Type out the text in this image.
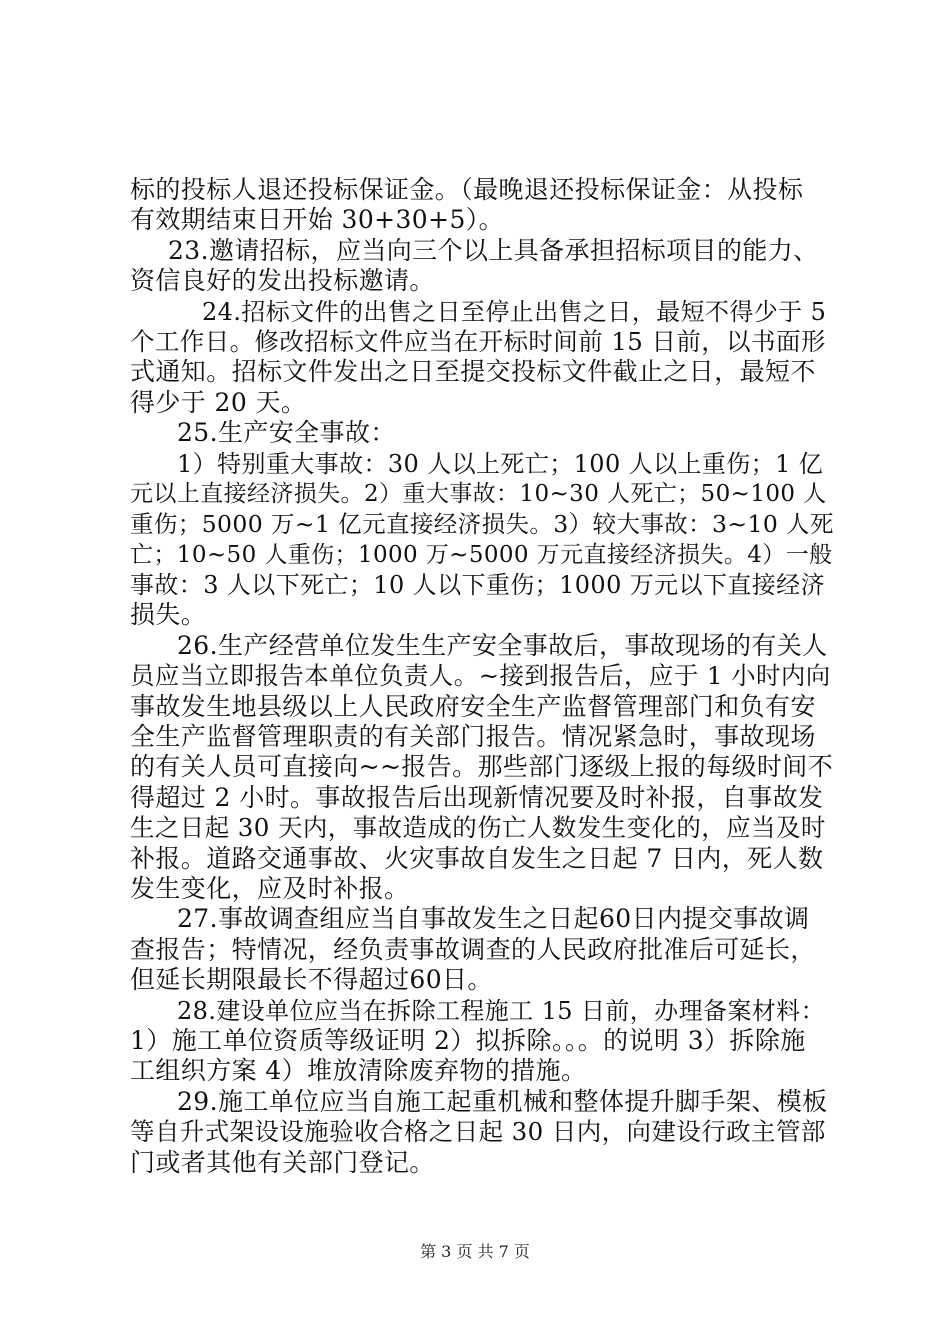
标的投标人退还投标保证金。（最晚退还投标保证金：从投标
有效期结束日开始 30+30+5）。
23.邀请招标，应当向三个以上具备承担招标项目的能力、
资信良好的发出投标邀请。
24.招标文件的出售之日至停止出售之日，最短不得少于 5
个工作日。修改招标文件应当在开标时间前 15 日前，以书面形
式通知。招标文件发出之日至提交投标文件截止之日，最短不
得少于 20 天。
25.生产安全事故：
1）特别重大事故：30 人以上死亡；100 人以上重伤；1 亿
元以上直接经济损失。2）重大事故：10~30 人死亡；50~100 人
重伤；5000 万~1 亿元直接经济损失。3）较大事故：3~10 人死
亡；10~50 人重伤；1000 万~5000 万元直接经济损失。4）一般
事故：3 人以下死亡；10 人以下重伤；1000 万元以下直接经济
损失。
26.生产经营单位发生生产安全事故后，事故现场的有关人
员应当立即报告本单位负责人。~接到报告后，应于 1 小时内向
事故发生地县级以上人民政府安全生产监督管理部门和负有安
全生产监督管理职责的有关部门报告。情况紧急时，事故现场
的有关人员可直接向~~报告。那些部门逐级上报的每级时间不
得超过 2 小时。事故报告后出现新情况要及时补报，自事故发
生之日起 30 天内，事故造成的伤亡人数发生变化的，应当及时
补报。道路交通事故、火灾事故自发生之日起 7 日内，死人数
发生变化，应及时补报。
27.事故调查组应当自事故发生之日起60日内提交事故调
查报告；特情况，经负责事故调查的人民政府批准后可延长，
但延长期限最长不得超过60日。
28.建设单位应当在拆除工程施工 15 日前，办理备案材料：
1）施工单位资质等级证明 2）拟拆除。。。的说明 3）拆除施
工组织方案 4）堆放清除废弃物的措施。
29.施工单位应当自施工起重机械和整体提升脚手架、模板
等自升式架设设施验收合格之日起 30 日内，向建设行政主管部
门或者其他有关部门登记。
第 3 页 共 7 页
